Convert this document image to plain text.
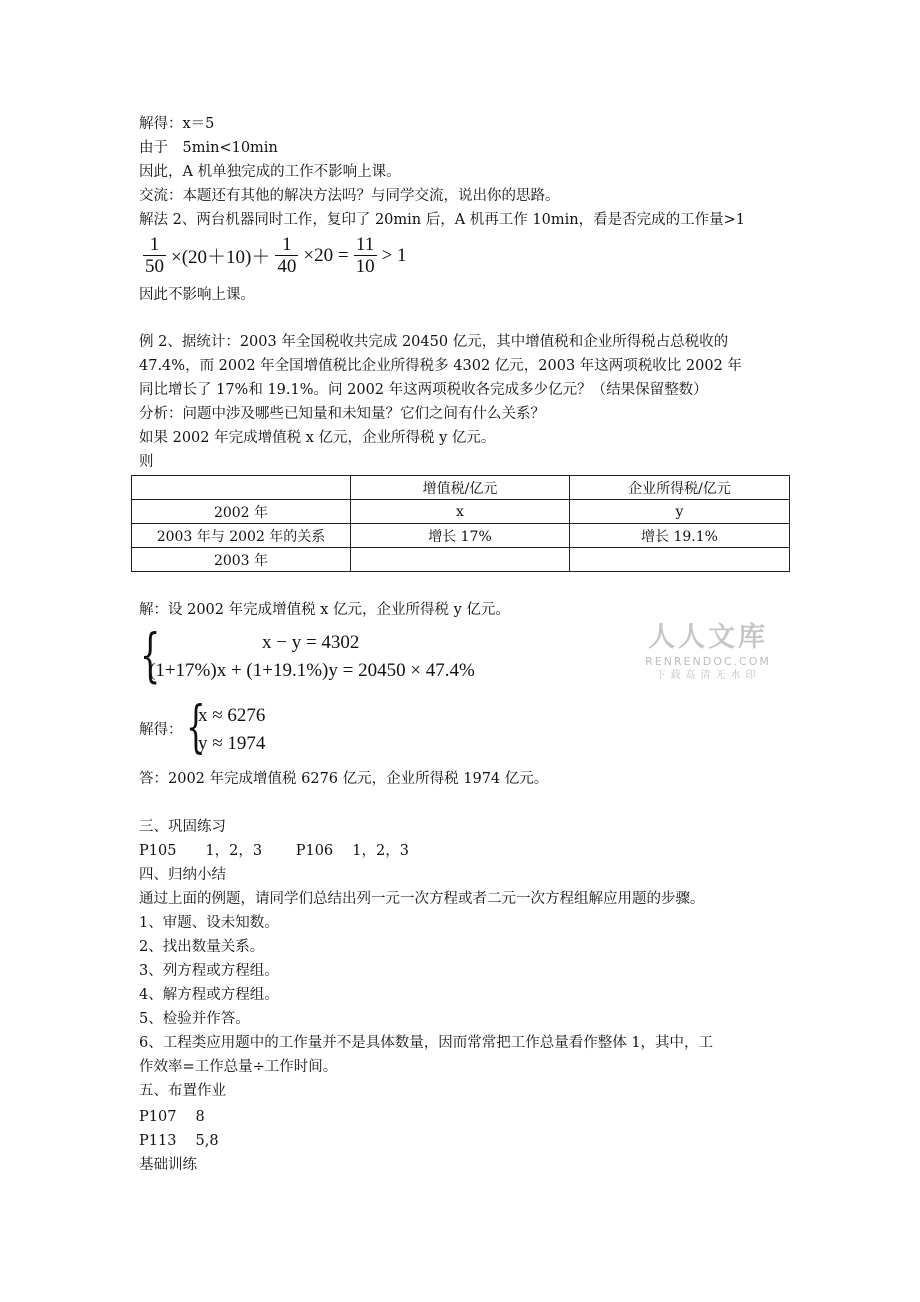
解得：x＝5
由于　5min<10min
因此，A 机单独完成的工作不影响上课。
交流：本题还有其他的解决方法吗？与同学交流，说出你的思路。
解法 2、两台机器同时工作，复印了 20min 后，A 机再工作 10min，看是否完成的工作量>1
$\frac{1}{50} \times(20+10)+ \frac{1}{40} \times 20 = \frac{11}{10} > 1$
因此不影响上课。
例 2、据统计：2003 年全国税收共完成 20450 亿元，其中增值税和企业所得税占总税收的
47.4%，而 2002 年全国增值税比企业所得税多 4302 亿元，2003 年这两项税收比 2002 年
同比增长了 17%和 19.1%。问 2002 年这两项税收各完成多少亿元？（结果保留整数）
分析：问题中涉及哪些已知量和未知量？它们之间有什么关系？
如果 2002 年完成增值税 x 亿元，企业所得税 y 亿元。
则
	增值税/亿元	企业所得税/亿元
2002 年	x	y
2003 年与 2002 年的关系	增长 17%	增长 19.1%
2003 年		
解：设 2002 年完成增值税 x 亿元，企业所得税 y 亿元。
{	x − y = 4302
(1+17%)x + (1+19.1%)y = 20450 × 47.4%
解得： {
x ≈ 6276
y ≈ 1974
答：2002 年完成增值税 6276 亿元，企业所得税 1974 亿元。
三、巩固练习
P105　　1，2，3　　 P106　 1，2，3
四、归纳小结
通过上面的例题，请同学们总结出列一元一次方程或者二元一次方程组解应用题的步骤。
1、审题、设未知数。
2、找出数量关系。
3、列方程或方程组。
4、解方程或方程组。
5、检验并作答。
6、工程类应用题中的工作量并不是具体数量，因而常常把工作总量看作整体 1，其中，工
作效率=工作总量÷工作时间。
五、布置作业
P107　 8
P113　 5,8
基础训练
人人文库
RENRENDOC.COM
下载高清无水印
